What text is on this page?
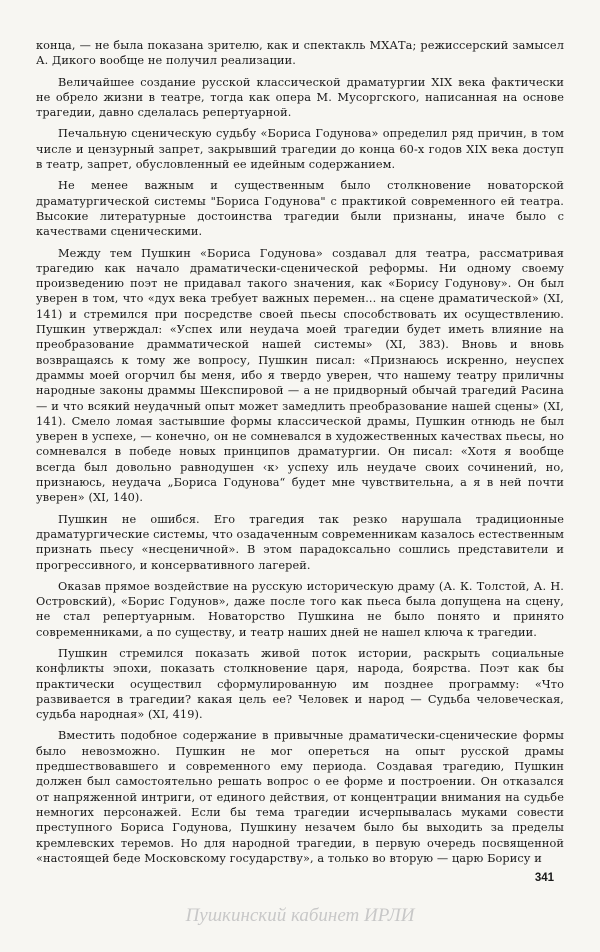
конца, — не была показана зрителю, как и спектакль МХАТа; режиссерский замысел А. Дикого вообще не получил реализации.

Величайшее создание русской классической драматургии XIX века фактически не обрело жизни в театре, тогда как опера М. Мусоргского, написанная на основе трагедии, давно сделалась репертуарной.

Печальную сценическую судьбу «Бориса Годунова» определил ряд причин, в том числе и цензурный запрет, закрывший трагедии до конца 60-х годов XIX века доступ в театр, запрет, обусловленный ее идейным содержанием.

Не менее важным и существенным было столкновение новаторской драматургической системы "Бориса Годунова" с практикой современного ей театра. Высокие литературные достоинства трагедии были признаны, иначе было с качествами сценическими.

Между тем Пушкин «Бориса Годунова» создавал для театра, рассматривая трагедию как начало драматически-сценической реформы. Ни одному своему произведению поэт не придавал такого значения, как «Борису Годунову». Он был уверен в том, что «дух века требует важных перемен... на сцене драматической» (XI, 141) и стремился при посредстве своей пьесы способствовать их осуществлению. Пушкин утверждал: «Успех или неудача моей трагедии будет иметь влияние на преобразование драмматической нашей системы» (XI, 383). Вновь и вновь возвращаясь к тому же вопросу, Пушкин писал: «Признаюсь искренно, неуспех драммы моей огорчил бы меня, ибо я твердо уверен, что нашему театру приличны народные законы драммы Шекспировой — а не придворный обычай трагедий Расина — и что всякий неудачный опыт может замедлить преобразование нашей сцены» (XI, 141). Смело ломая застывшие формы классической драмы, Пушкин отнюдь не был уверен в успехе, — конечно, он не сомневался в художественных качествах пьесы, но сомневался в победе новых принципов драматургии. Он писал: «Хотя я вообще всегда был довольно равнодушен ‹к› успеху иль неудаче своих сочинений, но, признаюсь, неудача „Бориса Годунова“ будет мне чувствительна, а я в ней почти уверен» (XI, 140).

Пушкин не ошибся. Его трагедия так резко нарушала традиционные драматургические системы, что озадаченным современникам казалось естественным признать пьесу «несценичной». В этом парадоксально сошлись представители и прогрессивного, и консервативного лагерей.

Оказав прямое воздействие на русскую историческую драму (А. К. Толстой, А. Н. Островский), «Борис Годунов», даже после того как пьеса была допущена на сцену, не стал репертуарным. Новаторство Пушкина не было понято и принято современниками, а по существу, и театр наших дней не нашел ключа к трагедии.

Пушкин стремился показать живой поток истории, раскрыть социальные конфликты эпохи, показать столкновение царя, народа, боярства. Поэт как бы практически осуществил сформулированную им позднее программу: «Что развивается в трагедии? какая цель ее? Человек и народ — Судьба человеческая, судьба народная» (XI, 419).

Вместить подобное содержание в привычные драматически-сценические формы было невозможно. Пушкин не мог опереться на опыт русской драмы предшествовавшего и современного ему периода. Создавая трагедию, Пушкин должен был самостоятельно решать вопрос о ее форме и построении. Он отказался от напряженной интриги, от единого действия, от концентрации внимания на судьбе немногих персонажей. Если бы тема трагедии исчерпывалась муками совести преступного Бориса Годунова, Пушкину незачем было бы выходить за пределы кремлевских теремов. Но для народной трагедии, в первую очередь посвященной «настоящей беде Московскому государству», а только во вторую — царю Борису и

341
Пушкинский кабинет ИРЛИ
